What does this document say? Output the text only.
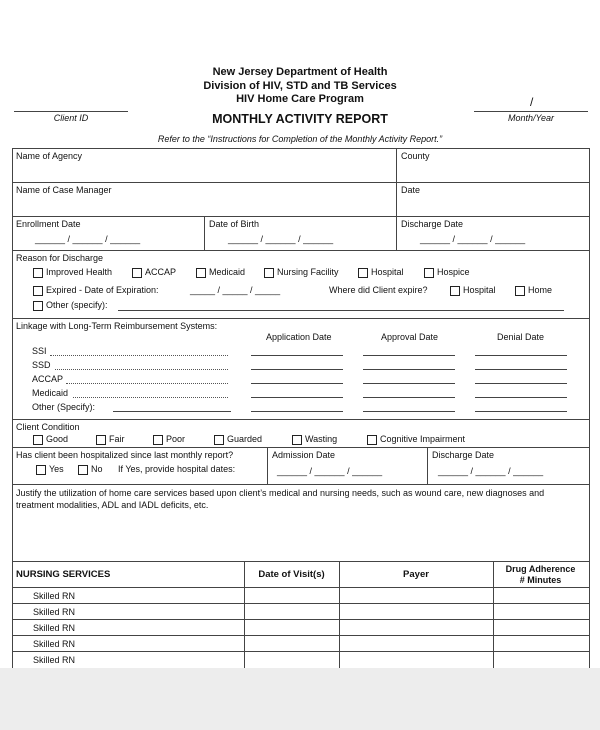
New Jersey Department of Health
Division of HIV, STD and TB Services
HIV Home Care Program
Client ID	MONTHLY ACTIVITY REPORT
/
Month/Year
Refer to the “Instructions for Completion of the Monthly Activity Report.”
Name of Agency	County
Name of Case Manager	Date
Enrollment Date	Date of Birth	Discharge Date
______ / ______ / ______	______ / ______ / ______	______ / ______ / ______
Reason for Discharge
Improved Health	ACCAP	Medicaid	Nursing Facility	Hospital	Hospice
Expired - Date of Expiration:	_____ / _____ / _____	Where did Client expire?	Hospital	Home
Other (specify):
Linkage with Long-Term Reimbursement Systems:
Application Date	Approval Date	Denial Date
SSI
SSD
ACCAP
Medicaid
Other (Specify):
Client Condition
Good	Fair	Poor	Guarded	Wasting	Cognitive Impairment
Has client been hospitalized since last monthly report?	Admission Date	Discharge Date
Yes	No If Yes, provide hospital dates:	______ / ______ / ______	______ / ______ / ______
Justify the utilization of home care services based upon client’s medical and nursing needs, such as wound care, new diagnoses and
treatment modalities, ADL and IADL deficits, etc.
NURSING SERVICES	Date of Visit(s)	Payer	Drug Adherence
# Minutes
Skilled RN
Skilled RN
Skilled RN
Skilled RN
Skilled RN
